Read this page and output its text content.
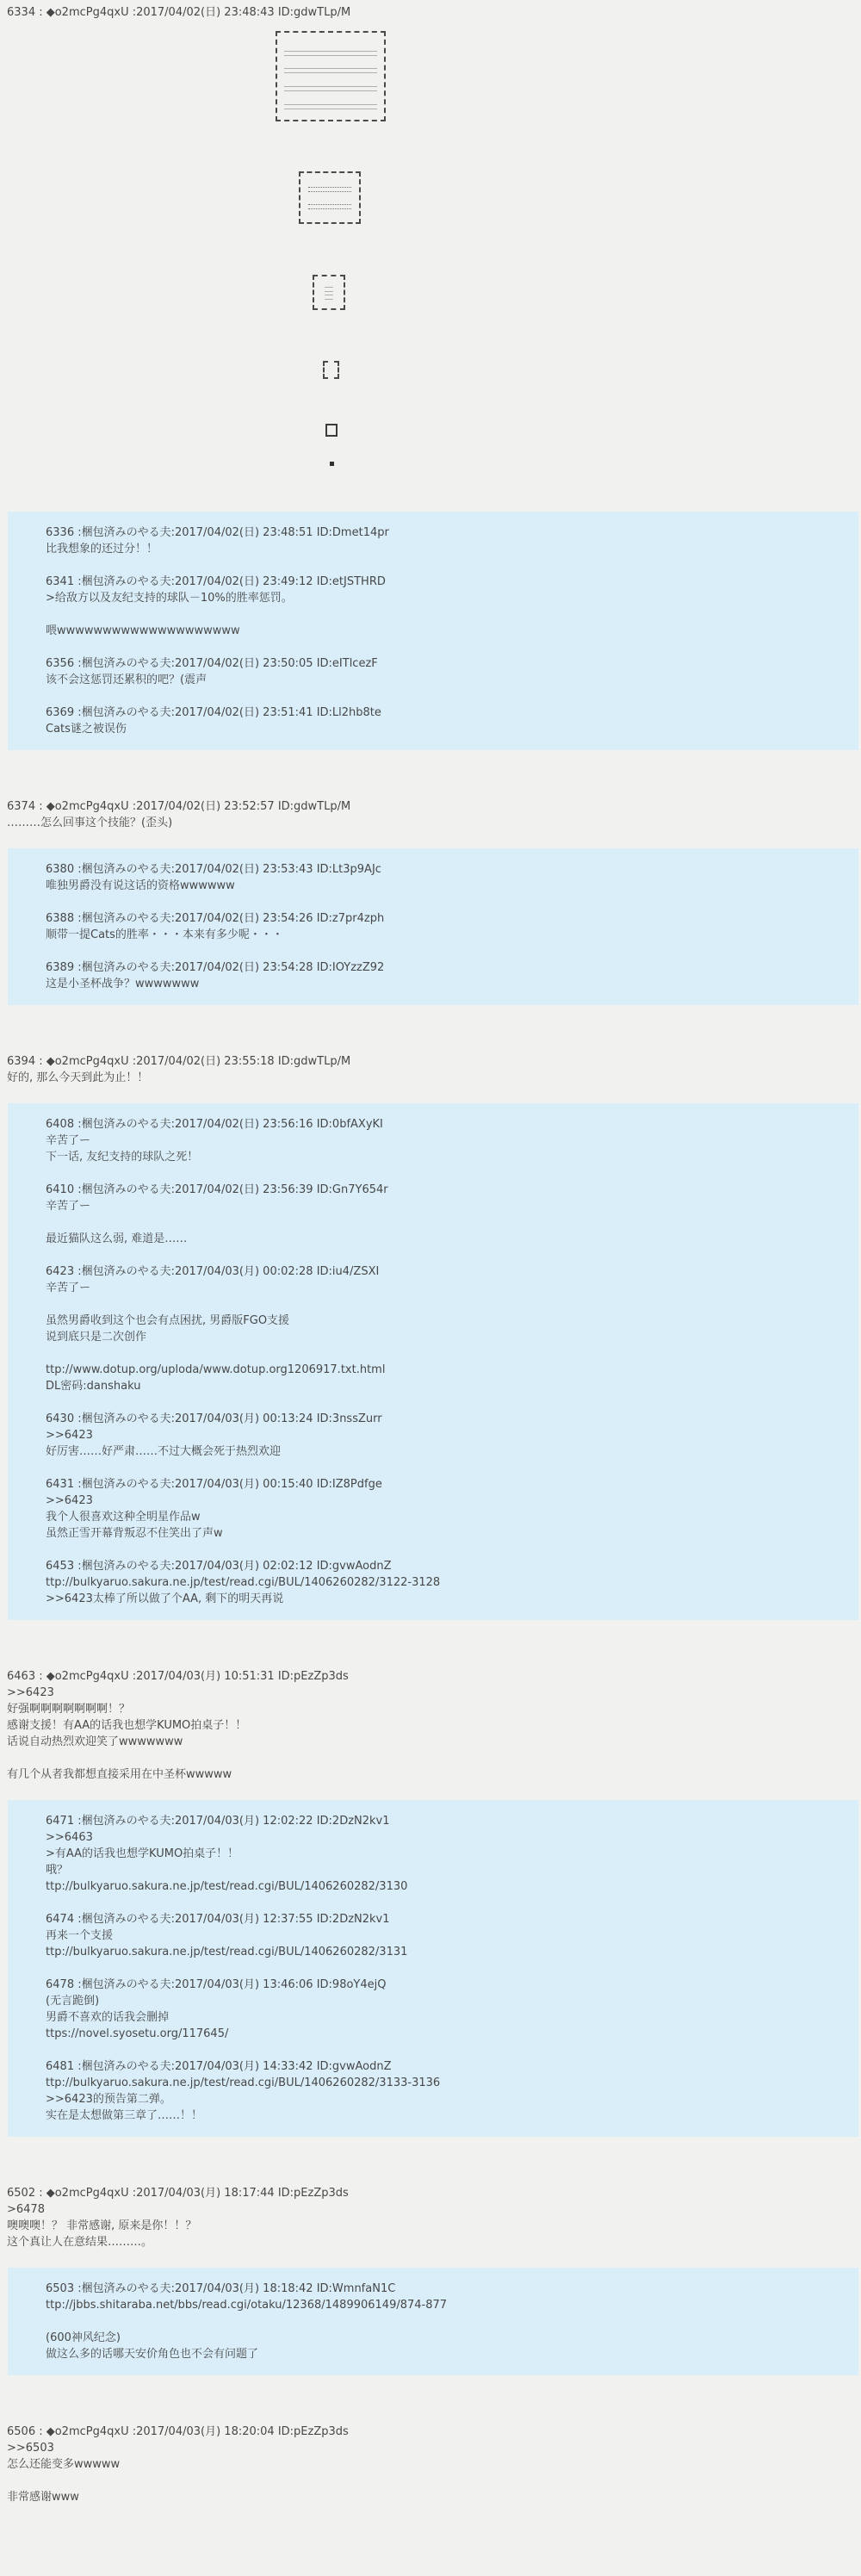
6334 : ◆o2mcPg4qxU :2017/04/02(日) 23:48:43 ID:gdwTLp/M
6336 :梱包済みのやる夫:2017/04/02(日) 23:48:51 ID:Dmet14pr
比我想象的还过分！！
6341 :梱包済みのやる夫:2017/04/02(日) 23:49:12 ID:etJSTHRD
>给敌方以及友纪支持的球队－10%的胜率惩罚。

喂wwwwwwwwwwwwwwwwwwww
6356 :梱包済みのやる夫:2017/04/02(日) 23:50:05 ID:eITlcezF
该不会这惩罚还累积的吧？(震声
6369 :梱包済みのやる夫:2017/04/02(日) 23:51:41 ID:Ll2hb8te
Cats谜之被误伤
6374 : ◆o2mcPg4qxU :2017/04/02(日) 23:52:57 ID:gdwTLp/M
………怎么回事这个技能？(歪头)
6380 :梱包済みのやる夫:2017/04/02(日) 23:53:43 ID:Lt3p9AJc
唯独男爵没有说这话的资格wwwwww
6388 :梱包済みのやる夫:2017/04/02(日) 23:54:26 ID:z7pr4zph
顺带一提Cats的胜率・・・本来有多少呢・・・
6389 :梱包済みのやる夫:2017/04/02(日) 23:54:28 ID:IOYzzZ92
这是小圣杯战争？wwwwwww
6394 : ◆o2mcPg4qxU :2017/04/02(日) 23:55:18 ID:gdwTLp/M
好的, 那么今天到此为止！！
6408 :梱包済みのやる夫:2017/04/02(日) 23:56:16 ID:0bfAXyKI
辛苦了ー
下一话, 友纪支持的球队之死！
6410 :梱包済みのやる夫:2017/04/02(日) 23:56:39 ID:Gn7Y654r
辛苦了ー

最近猫队这么弱, 难道是……
6423 :梱包済みのやる夫:2017/04/03(月) 00:02:28 ID:iu4/ZSXI
辛苦了ー

虽然男爵收到这个也会有点困扰, 男爵版FGO支援
说到底只是二次创作

ttp://www.dotup.org/uploda/www.dotup.org1206917.txt.html
DL密码:danshaku
6430 :梱包済みのやる夫:2017/04/03(月) 00:13:24 ID:3nssZurr
>>6423
好厉害……好严肃……不过大概会死于热烈欢迎
6431 :梱包済みのやる夫:2017/04/03(月) 00:15:40 ID:IZ8Pdfge
>>6423
我个人很喜欢这种全明星作品w
虽然正雪开幕背叛忍不住笑出了声w
6453 :梱包済みのやる夫:2017/04/03(月) 02:02:12 ID:gvwAodnZ
ttp://bulkyaruo.sakura.ne.jp/test/read.cgi/BUL/1406260282/3122-3128
>>6423太棒了所以做了个AA, 剩下的明天再说
6463 : ◆o2mcPg4qxU :2017/04/03(月) 10:51:31 ID:pEzZp3ds
>>6423
好强啊啊啊啊啊啊啊！？
感谢支援！有AA的话我也想学KUMO拍桌子！！
话说自动热烈欢迎笑了wwwwwww

有几个从者我都想直接采用在中圣杯wwwww
6471 :梱包済みのやる夫:2017/04/03(月) 12:02:22 ID:2DzN2kv1
>>6463
>有AA的话我也想学KUMO拍桌子！！
哦？
ttp://bulkyaruo.sakura.ne.jp/test/read.cgi/BUL/1406260282/3130
6474 :梱包済みのやる夫:2017/04/03(月) 12:37:55 ID:2DzN2kv1
再来一个支援
ttp://bulkyaruo.sakura.ne.jp/test/read.cgi/BUL/1406260282/3131
6478 :梱包済みのやる夫:2017/04/03(月) 13:46:06 ID:98oY4ejQ
(无言跪倒)
男爵不喜欢的话我会删掉
ttps://novel.syosetu.org/117645/
6481 :梱包済みのやる夫:2017/04/03(月) 14:33:42 ID:gvwAodnZ
ttp://bulkyaruo.sakura.ne.jp/test/read.cgi/BUL/1406260282/3133-3136
>>6423的预告第二弹。
实在是太想做第三章了……！！
6502 : ◆o2mcPg4qxU :2017/04/03(月) 18:17:44 ID:pEzZp3ds
>6478
噢噢噢！？ 非常感谢, 原来是你！！？
这个真让人在意结果………。
6503 :梱包済みのやる夫:2017/04/03(月) 18:18:42 ID:WmnfaN1C
ttp://jbbs.shitaraba.net/bbs/read.cgi/otaku/12368/1489906149/874-877

(600神风纪念)
做这么多的话哪天安价角色也不会有问题了
6506 : ◆o2mcPg4qxU :2017/04/03(月) 18:20:04 ID:pEzZp3ds
>>6503
怎么还能变多wwwww

非常感谢www
